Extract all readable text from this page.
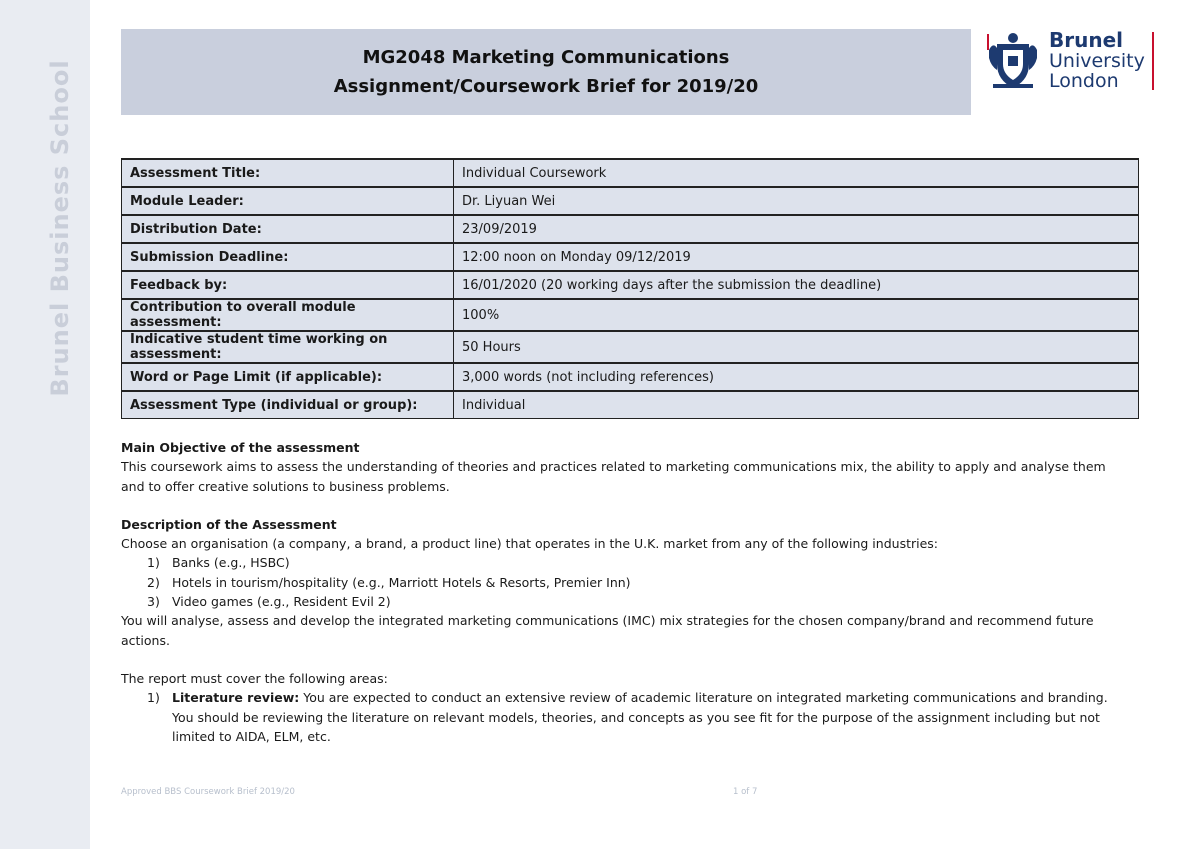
Brunel Business School
MG2048 Marketing Communications
Assignment/Coursework Brief for 2019/20
Brunel
University
London
Assessment Title:	Individual Coursework
Module Leader:	Dr. Liyuan Wei
Distribution Date:	23/09/2019
Submission Deadline:	12:00 noon on Monday 09/12/2019
Feedback by:	16/01/2020 (20 working days after the submission the deadline)
Contribution to overall module assessment:	100%
Indicative student time working on assessment:	50 Hours
Word or Page Limit (if applicable):	3,000 words (not including references)
Assessment Type (individual or group):	Individual

Main Objective of the assessment

This coursework aims to assess the understanding of theories and practices related to marketing communications mix, the ability to apply and analyse them

and to offer creative solutions to business problems.

Description of the Assessment

Choose an organisation (a company, a brand, a product line) that operates in the U.K. market from any of the following industries:

1) Banks (e.g., HSBC)
2) Hotels in tourism/hospitality (e.g., Marriott Hotels & Resorts, Premier Inn)
3) Video games (e.g., Resident Evil 2)

You will analyse, assess and develop the integrated marketing communications (IMC) mix strategies for the chosen company/brand and recommend future

actions.

The report must cover the following areas:

1) Literature review: You are expected to conduct an extensive review of academic literature on integrated marketing communications and branding.
You should be reviewing the literature on relevant models, theories, and concepts as you see fit for the purpose of the assignment including but not
limited to AIDA, ELM, etc.
Approved BBS Coursework Brief 2019/20	1 of 7
